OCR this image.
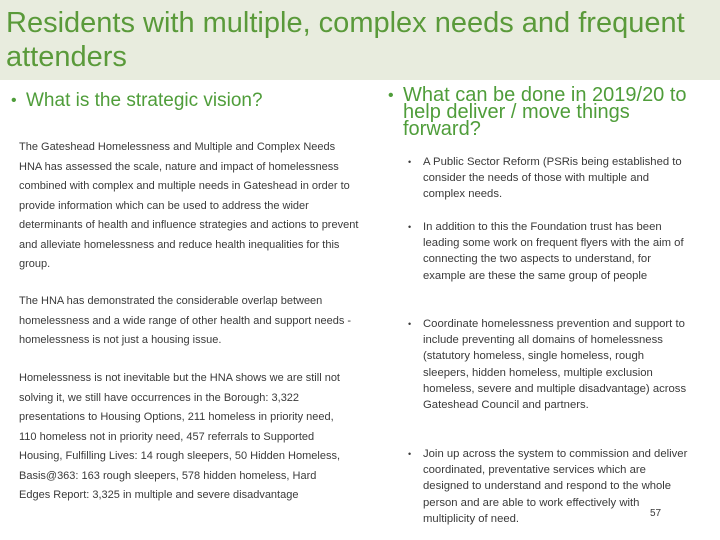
Residents with multiple, complex needs and frequent attenders
• What is the strategic vision?

The Gateshead Homelessness and Multiple and Complex Needs HNA has assessed the scale, nature and impact of homelessness combined with complex and multiple needs in Gateshead in order to provide information which can be used to address the wider determinants of health and influence strategies and actions to prevent and alleviate homelessness and reduce health inequalities for this group.

The HNA has demonstrated the considerable overlap between homelessness and a wide range of other health and support needs - homelessness is not just a housing issue.

Homelessness is not inevitable but the HNA shows we are still not solving it, we still have occurrences in the Borough: 3,322 presentations to Housing Options, 211 homeless in priority need, 110 homeless not in priority need, 457 referrals to Supported Housing, Fulfilling Lives: 14 rough sleepers, 50 Hidden Homeless, Basis@363: 163 rough sleepers, 578 hidden homeless, Hard Edges Report: 3,325 in multiple and severe disadvantage

• What can be done in 2019/20 to help deliver / move things forward?
• A Public Sector Reform (PSRis being established to consider the needs of those with multiple and complex needs.
• In addition to this the Foundation trust has been leading some work on frequent flyers with the aim of connecting the two aspects to understand, for example are these the same group of people
• Coordinate homelessness prevention and support to include preventing all domains of homelessness (statutory homeless, single homeless, rough sleepers, hidden homeless, multiple exclusion homeless, severe and multiple disadvantage) across Gateshead Council and partners.
• Join up across the system to commission and deliver coordinated, preventative services which are designed to understand and respond to the whole person and are able to work effectively with multiplicity of need.	57
